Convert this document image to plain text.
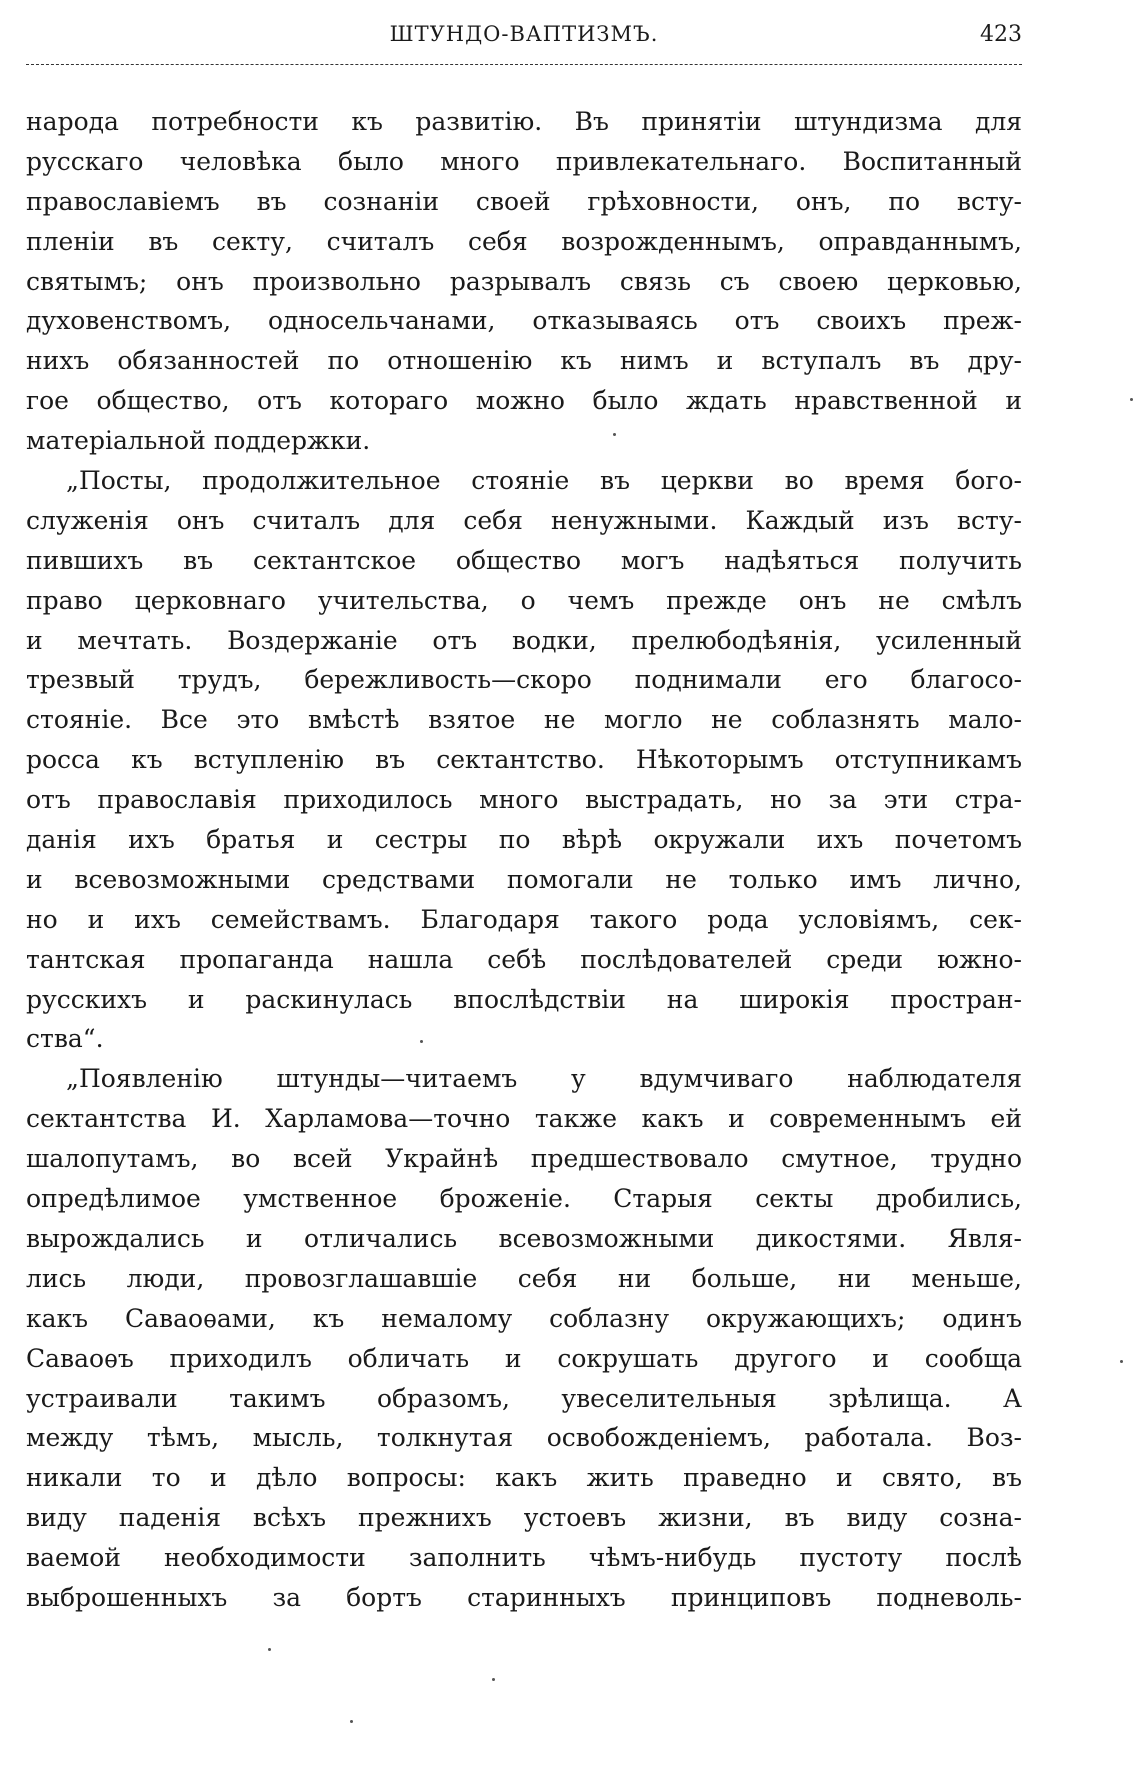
ШТУНДО-ВАПТИЗМЪ.	423
народа потребности къ развитiю. Въ принятiи штундизма для
русскаго человѣка было много привлекательнаго. Воспитанный
православiемъ въ сознанiи своей грѣховности, онъ, по всту-
пленiи въ секту, считалъ себя возрожденнымъ, оправданнымъ,
святымъ; онъ произвольно разрывалъ связь съ своею церковью,
духовенствомъ, односельчанами, отказываясь отъ своихъ преж-
нихъ обязанностей по отношенiю къ нимъ и вступалъ въ дру-
гое общество, отъ котораго можно было ждать нравственной и
матерiальной поддержки.
„Посты, продолжительное стоянiе въ церкви во время бого-
служенiя онъ считалъ для себя ненужными. Каждый изъ всту-
пившихъ въ сектантское общество могъ надѣяться получить
право церковнаго учительства, о чемъ прежде онъ не смѣлъ
и мечтать. Воздержанiе отъ водки, прелюбодѣянiя, усиленный
трезвый трудъ, бережливость—скоро поднимали его благосо-
стоянiе. Все это вмѣстѣ взятое не могло не соблазнять мало-
росса къ вступленiю въ сектантство. Нѣкоторымъ отступникамъ
отъ православiя приходилось много выстрадать, но за эти стра-
данiя ихъ братья и сестры по вѣрѣ окружали ихъ почетомъ
и всевозможными средствами помогали не только имъ лично,
но и ихъ семействамъ. Благодаря такого рода условiямъ, сек-
тантская пропаганда нашла себѣ послѣдователей среди южно-
русскихъ и раскинулась впослѣдствiи на широкiя простран-
ства“.
„Появленiю штунды—читаемъ у вдумчиваго наблюдателя
сектантства И. Харламова—точно также какъ и современнымъ ей
шалопутамъ, во всей Украйнѣ предшествовало смутное, трудно
опредѣлимое умственное броженiе. Старыя секты дробились,
вырождались и отличались всевозможными дикостями. Явля-
лись люди, провозглашавшiе себя ни больше, ни меньше,
какъ Саваоѳами, къ немалому соблазну окружающихъ; одинъ
Саваоѳъ приходилъ обличать и сокрушать другого и сообща
устраивали такимъ образомъ, увеселительныя зрѣлища. А
между тѣмъ, мысль, толкнутая освобожденiемъ, работала. Воз-
никали то и дѣло вопросы: какъ жить праведно и свято, въ
виду паденiя всѣхъ прежнихъ устоевъ жизни, въ виду созна-
ваемой необходимости заполнить чѣмъ-нибудь пустоту послѣ
выброшенныхъ за бортъ старинныхъ принциповъ подневоль-
